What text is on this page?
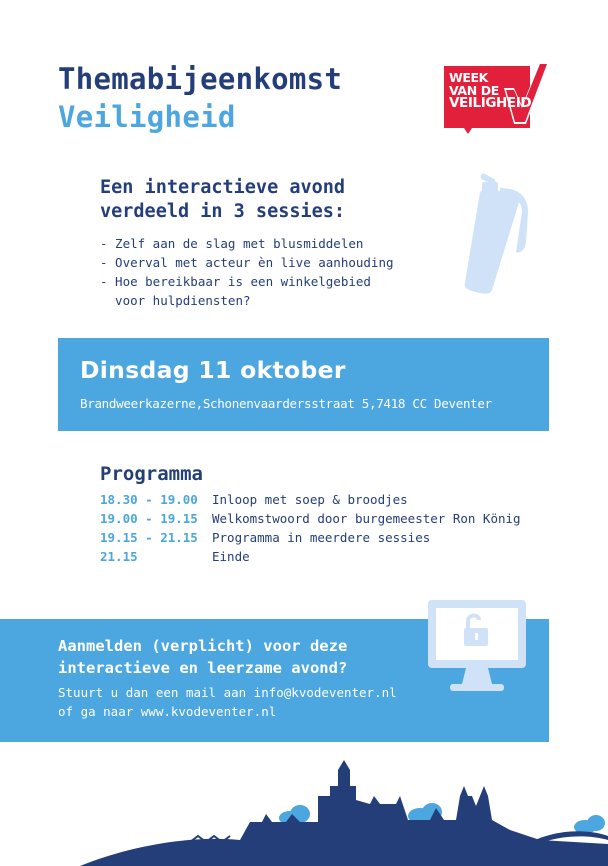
Themabijeenkomst
Veiligheid
WEEK
VAN DE
VEILIGHEID
Een interactieve avond
verdeeld in 3 sessies:
- Zelf aan de slag met blusmiddelen
- Overval met acteur èn live aanhouding
- Hoe bereikbaar is een winkelgebied
voor hulpdiensten?
Dinsdag 11 oktober
Brandweerkazerne,Schonenvaardersstraat 5,7418 CC Deventer
Programma
18.30 - 19.00 Inloop met soep & broodjes
19.00 - 19.15 Welkomstwoord door burgemeester Ron König
19.15 - 21.15 Programma in meerdere sessies
21.15	Einde
Aanmelden (verplicht) voor deze
interactieve en leerzame avond?
Stuurt u dan een mail aan info@kvodeventer.nl
of ga naar www.kvodeventer.nl
